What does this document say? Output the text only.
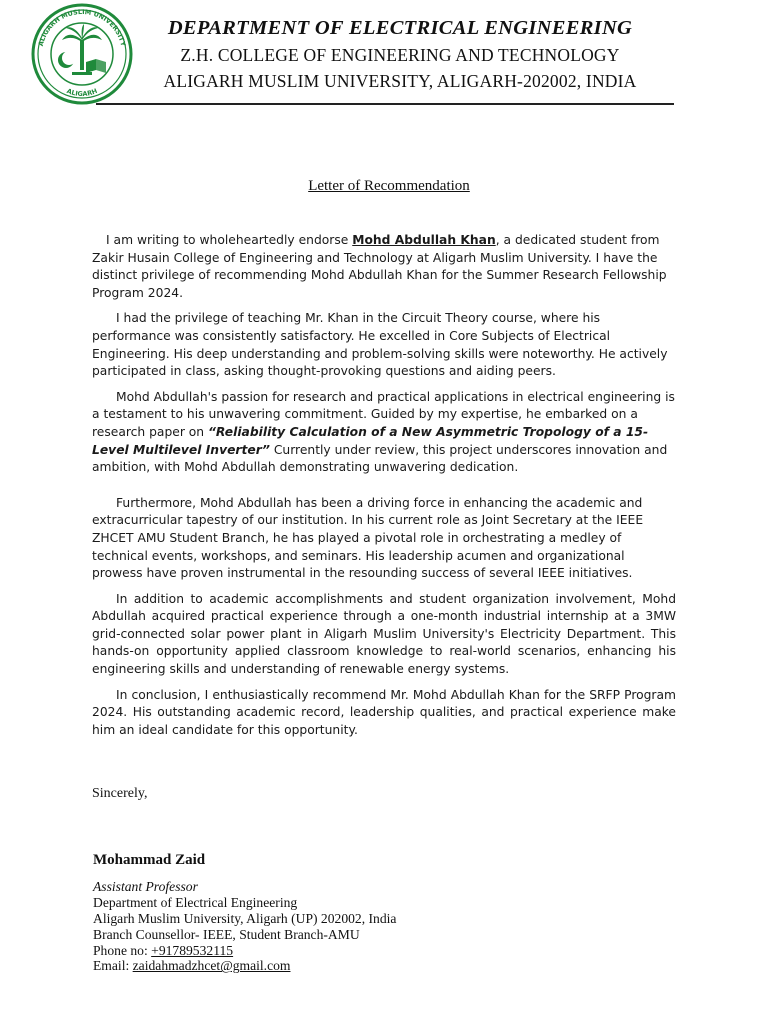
ALIGARH MUSLIM UNIVERSITY
ALIGARH
DEPARTMENT OF ELECTRICAL ENGINEERING
Z.H. COLLEGE OF ENGINEERING AND TECHNOLOGY
ALIGARH MUSLIM UNIVERSITY, ALIGARH-202002, INDIA
Letter of Recommendation

I am writing to wholeheartedly endorse Mohd Abdullah Khan, a dedicated student from Zakir Husain College of Engineering and Technology at Aligarh Muslim University. I have the distinct privilege of recommending Mohd Abdullah Khan for the Summer Research Fellowship Program 2024.

I had the privilege of teaching Mr. Khan in the Circuit Theory course, where his performance was consistently satisfactory. He excelled in Core Subjects of Electrical Engineering. His deep understanding and problem-solving skills were noteworthy. He actively participated in class, asking thought-provoking questions and aiding peers.

Mohd Abdullah's passion for research and practical applications in electrical engineering is a testament to his unwavering commitment. Guided by my expertise, he embarked on a research paper on “Reliability Calculation of a New Asymmetric Tropology of a 15-Level Multilevel Inverter” Currently under review, this project underscores innovation and ambition, with Mohd Abdullah demonstrating unwavering dedication.

Furthermore, Mohd Abdullah has been a driving force in enhancing the academic and extracurricular tapestry of our institution. In his current role as Joint Secretary at the IEEE ZHCET AMU Student Branch, he has played a pivotal role in orchestrating a medley of technical events, workshops, and seminars. His leadership acumen and organizational prowess have proven instrumental in the resounding success of several IEEE initiatives.

In addition to academic accomplishments and student organization involvement, Mohd Abdullah acquired practical experience through a one-month industrial internship at a 3MW grid-connected solar power plant in Aligarh Muslim University's Electricity Department. This hands-on opportunity applied classroom knowledge to real-world scenarios, enhancing his engineering skills and understanding of renewable energy systems.

In conclusion, I enthusiastically recommend Mr. Mohd Abdullah Khan for the SRFP Program 2024. His outstanding academic record, leadership qualities, and practical experience make him an ideal candidate for this opportunity.

Sincerely,
Mohammad Zaid
Assistant Professor
Department of Electrical Engineering
Aligarh Muslim University, Aligarh (UP) 202002, India
Branch Counsellor- IEEE, Student Branch-AMU
Phone no: +91789532115
Email: zaidahmadzhcet@gmail.com
